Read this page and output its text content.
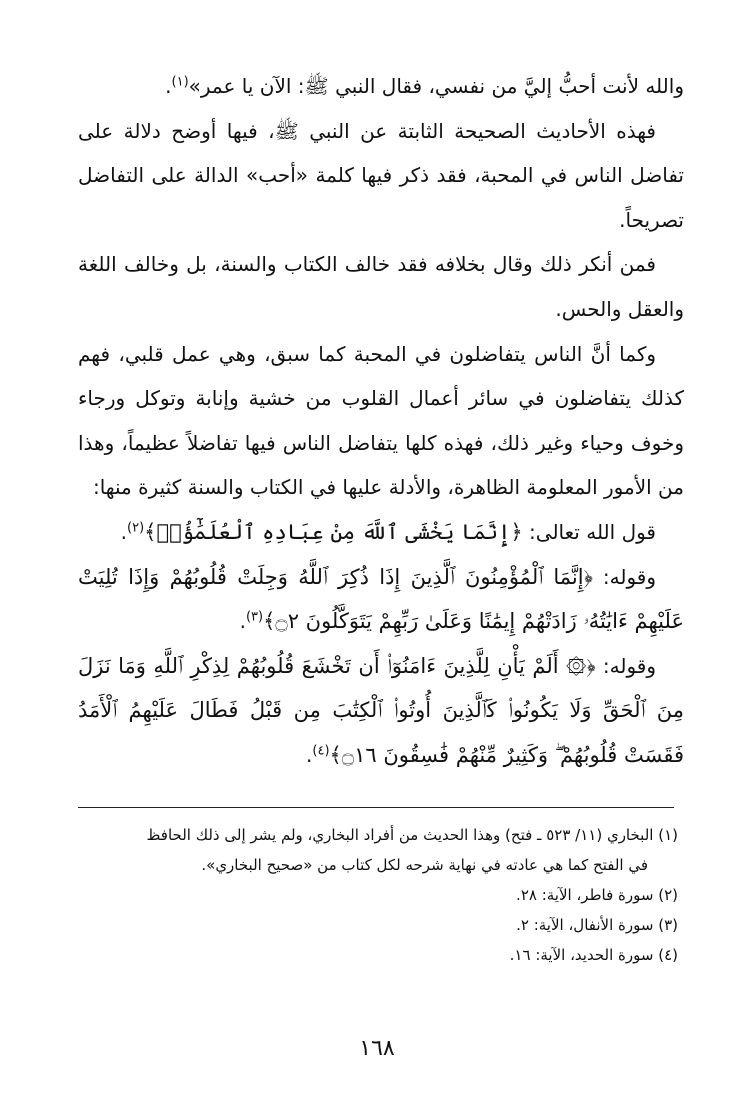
والله لأنت أحبُّ إليَّ من نفسي، فقال النبي ﷺ: الآن يا عمر»$^{(١)}$.

فهذه الأحاديث الصحيحة الثابتة عن النبي ﷺ، فيها أوضح دلالة على تفاضل الناس في المحبة، فقد ذكر فيها كلمة «أحب» الدالة على التفاضل تصريحاً.

فمن أنكر ذلك وقال بخلافه فقد خالف الكتاب والسنة، بل وخالف اللغة والعقل والحس.

وكما أنَّ الناس يتفاضلون في المحبة كما سبق، وهي عمل قلبي، فهم كذلك يتفاضلون في سائر أعمال القلوب من خشية وإنابة وتوكل ورجاء وخوف وحياء وغير ذلك، فهذه كلها يتفاضل الناس فيها تفاضلاً عظيماً، وهذا من الأمور المعلومة الظاهرة، والأدلة عليها في الكتاب والسنة كثيرة منها:

قول الله تعالى: ﴿إِنَّمَا يَخْشَى ٱللَّهَ مِنْ عِبَادِهِ ٱلْعُلَمَٰٓؤُا۟﴾$^{(٢)}$.

وقوله: ﴿إِنَّمَا ٱلْمُؤْمِنُونَ ٱلَّذِينَ إِذَا ذُكِرَ ٱللَّهُ وَجِلَتْ قُلُوبُهُمْ وَإِذَا تُلِيَتْ عَلَيْهِمْ ءَايَٰتُهُۥ زَادَتْهُمْ إِيمَٰنًا وَعَلَىٰ رَبِّهِمْ يَتَوَكَّلُونَ ۝٢﴾$^{(٣)}$.

وقوله: ﴿۞ أَلَمْ يَأْنِ لِلَّذِينَ ءَامَنُوٓا۟ أَن تَخْشَعَ قُلُوبُهُمْ لِذِكْرِ ٱللَّهِ وَمَا نَزَلَ مِنَ ٱلْحَقِّ وَلَا يَكُونُوا۟ كَٱلَّذِينَ أُوتُوا۟ ٱلْكِتَٰبَ مِن قَبْلُ فَطَالَ عَلَيْهِمُ ٱلْأَمَدُ فَقَسَتْ قُلُوبُهُمْ ۖ وَكَثِيرٌ مِّنْهُمْ فَٰسِقُونَ ۝١٦﴾$^{(٤)}$.

(١) البخاري (١١/ ٥٢٣ ـ فتح) وهذا الحديث من أفراد البخاري، ولم يشر إلى ذلك الحافظ

في الفتح كما هي عادته في نهاية شرحه لكل كتاب من «صحيح البخاري».

(٢) سورة فاطر، الآية: ٢٨.

(٣) سورة الأنفال، الآية: ٢.

(٤) سورة الحديد، الآية: ١٦.

١٦٨
